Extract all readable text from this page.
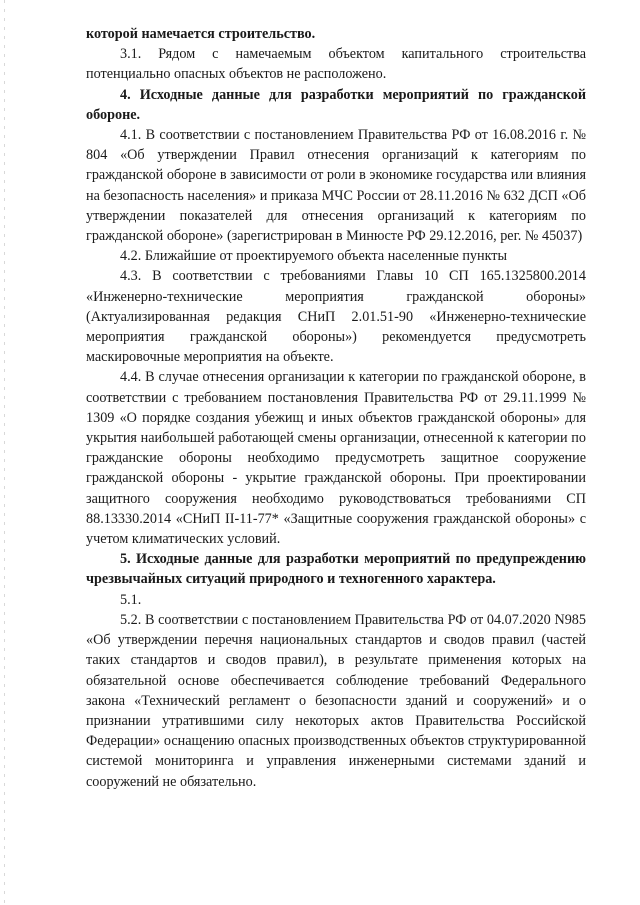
которой намечается строительство.

3.1. Рядом с намечаемым объектом капитального строительства потенциально опасных объектов не расположено.

4. Исходные данные для разработки мероприятий по гражданской обороне.

4.1. В соответствии с постановлением Правительства РФ от 16.08.2016 г. № 804 «Об утверждении Правил отнесения организаций к категориям по гражданской обороне в зависимости от роли в экономике государства или влияния на безопасность населения» и приказа МЧС России от 28.11.2016 № 632 ДСП «Об утверждении показателей для отнесения организаций к категориям по гражданской обороне» (зарегистрирован в Минюсте РФ 29.12.2016, рег. № 45037)

4.2. Ближайшие от проектируемого объекта населенные пункты

4.3. В соответствии с требованиями Главы 10 СП 165.1325800.2014 «Инженерно-технические мероприятия гражданской обороны» (Актуализированная редакция СНиП 2.01.51-90 «Инженерно-технические мероприятия гражданской обороны») рекомендуется предусмотреть маскировочные мероприятия на объекте.

4.4. В случае отнесения организации к категории по гражданской обороне, в соответствии с требованием постановления Правительства РФ от 29.11.1999 № 1309 «О порядке создания убежищ и иных объектов гражданской обороны» для укрытия наибольшей работающей смены организации, отнесенной к категории по гражданские обороны необходимо предусмотреть защитное сооружение гражданской обороны - укрытие гражданской обороны. При проектировании защитного сооружения необходимо руководствоваться требованиями СП 88.13330.2014 «СНиП II-11-77* «Защитные сооружения гражданской обороны» с учетом климатических условий.

5. Исходные данные для разработки мероприятий по предупреждению чрезвычайных ситуаций природного и техногенного характера.

5.1.

5.2. В соответствии с постановлением Правительства РФ от 04.07.2020 N985 «Об утверждении перечня национальных стандартов и сводов правил (частей таких стандартов и сводов правил), в результате применения которых на обязательной основе обеспечивается соблюдение требований Федерального закона «Технический регламент о безопасности зданий и сооружений» и о признании утратившими силу некоторых актов Правительства Российской Федерации» оснащению опасных производственных объектов структурированной системой мониторинга и управления инженерными системами зданий и сооружений не обязательно.
